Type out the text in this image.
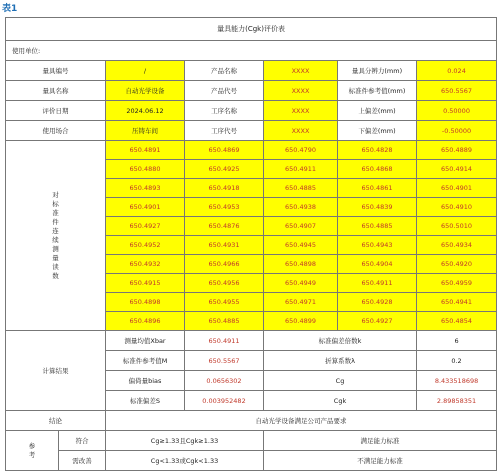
表1
量具能力(Cgk)评价表						
使用单位:						
量具编号		/	产品名称	XXXX	量具分辨力(mm)	0.024
量具名称		自动光学设备	产品代号	XXXX	标准件参考值(mm)	650.5567
评价日期		2024.06.12	工序名称	XXXX	上偏差(mm)	0.50000
使用场合		压铸车间	工序代号	XXXX	下偏差(mm)	-0.50000
对标准件连续测量读数		650.4891	650.4869	650.4790	650.4828	650.4889
		650.4880	650.4925	650.4911	650.4868	650.4914
		650.4893	650.4918	650.4885	650.4861	650.4901
		650.4901	650.4953	650.4938	650.4839	650.4910
		650.4927	650.4876	650.4907	650.4885	650.5010
		650.4952	650.4931	650.4945	650.4943	650.4934
		650.4932	650.4966	650.4898	650.4904	650.4920
		650.4915	650.4956	650.4949	650.4911	650.4959
		650.4898	650.4955	650.4971	650.4928	650.4941
		650.4896	650.4885	650.4899	650.4927	650.4854
计算结果		测量均值Xbar	650.4911	标准偏差倍数k		6
		标准件参考值M	650.5567	折算系数λ		0.2
		偏倚量bias	0.0656302	Cg		8.433518698
		标准偏差S	0.003952482	Cgk		2.89858351
结论		自动光学设备满足公司产品要求				
参考	符合	Cg≥1.33且Cgk≥1.33		满足能力标准		
	需改善	Cg<1.33或Cgk<1.33		不满足能力标准		
